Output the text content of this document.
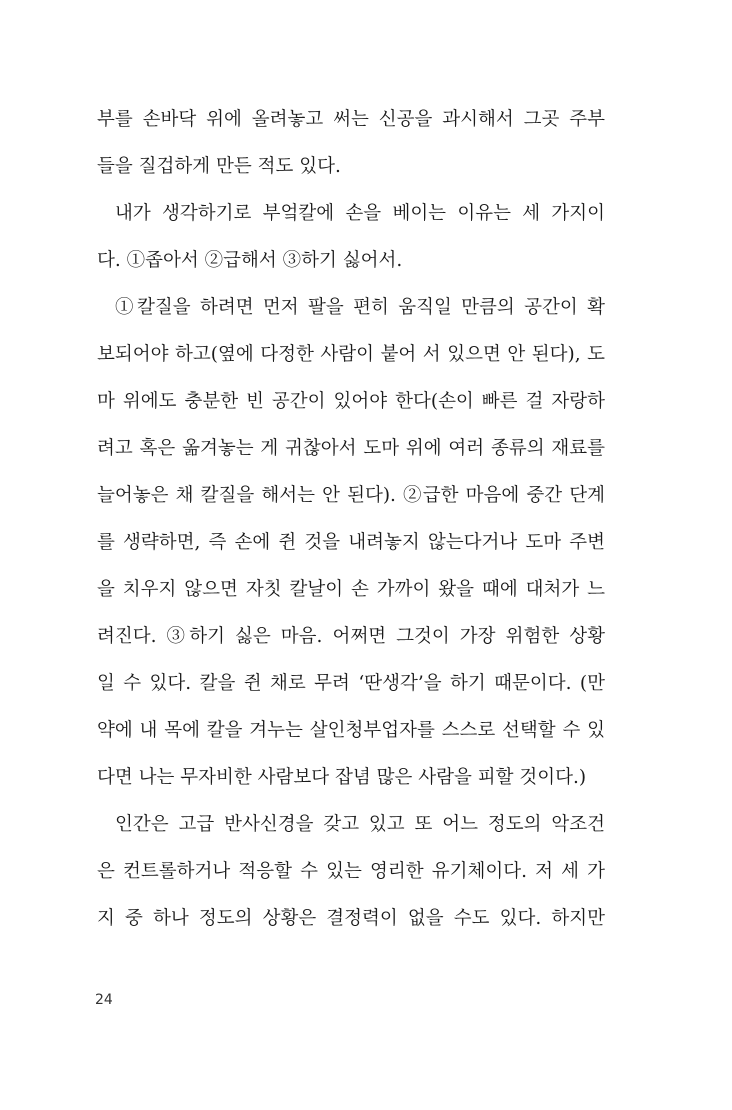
부를 손바닥 위에 올려놓고 써는 신공을 과시해서 그곳 주부
들을 질겁하게 만든 적도 있다.
내가 생각하기로 부엌칼에 손을 베이는 이유는 세 가지이
다. ①좁아서 ②급해서 ③하기 싫어서.
①칼질을 하려면 먼저 팔을 편히 움직일 만큼의 공간이 확
보되어야 하고(옆에 다정한 사람이 붙어 서 있으면 안 된다), 도
마 위에도 충분한 빈 공간이 있어야 한다(손이 빠른 걸 자랑하
려고 혹은 옮겨놓는 게 귀찮아서 도마 위에 여러 종류의 재료를
늘어놓은 채 칼질을 해서는 안 된다). ②급한 마음에 중간 단계
를 생략하면, 즉 손에 쥔 것을 내려놓지 않는다거나 도마 주변
을 치우지 않으면 자칫 칼날이 손 가까이 왔을 때에 대처가 느
려진다. ③하기 싫은 마음. 어쩌면 그것이 가장 위험한 상황
일 수 있다. 칼을 쥔 채로 무려 ‘딴생각’을 하기 때문이다. (만
약에 내 목에 칼을 겨누는 살인청부업자를 스스로 선택할 수 있
다면 나는 무자비한 사람보다 잡념 많은 사람을 피할 것이다.)
인간은 고급 반사신경을 갖고 있고 또 어느 정도의 악조건
은 컨트롤하거나 적응할 수 있는 영리한 유기체이다. 저 세 가
지 중 하나 정도의 상황은 결정력이 없을 수도 있다. 하지만
24
